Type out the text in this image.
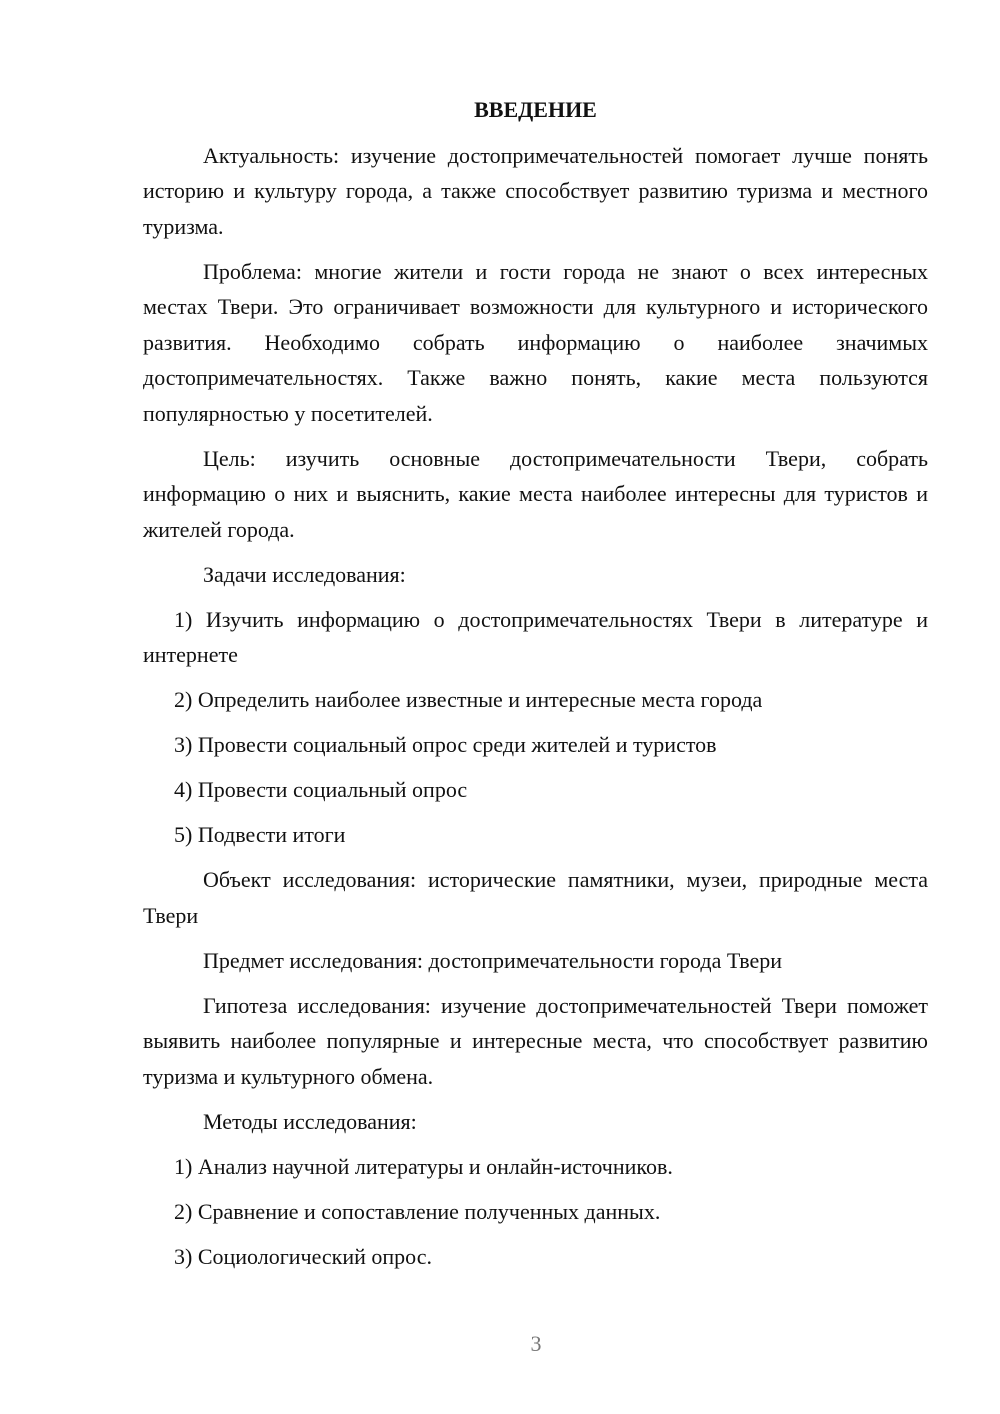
ВВЕДЕНИЕ

Актуальность: изучение достопримечательностей помогает лучше понять историю и культуру города, а также способствует развитию туризма и местного туризма.

Проблема: многие жители и гости города не знают о всех интересных местах Твери. Это ограничивает возможности для культурного и исторического развития. Необходимо собрать информацию о наиболее значимых достопримечательностях. Также важно понять, какие места пользуются популярностью у посетителей.

Цель: изучить основные достопримечательности Твери, собрать информацию о них и выяснить, какие места наиболее интересны для туристов и жителей города.

Задачи исследования:

1) Изучить информацию о достопримечательностях Твери в литературе и интернете

2) Определить наиболее известные и интересные места города

3) Провести социальный опрос среди жителей и туристов

4) Провести социальный опрос

5) Подвести итоги

Объект исследования: исторические памятники, музеи, природные места Твери

Предмет исследования: достопримечательности города Твери

Гипотеза исследования: изучение достопримечательностей Твери поможет выявить наиболее популярные и интересные места, что способствует развитию туризма и культурного обмена.

Методы исследования:

1) Анализ научной литературы и онлайн-источников.

2) Сравнение и сопоставление полученных данных.

3) Социологический опрос.

3
